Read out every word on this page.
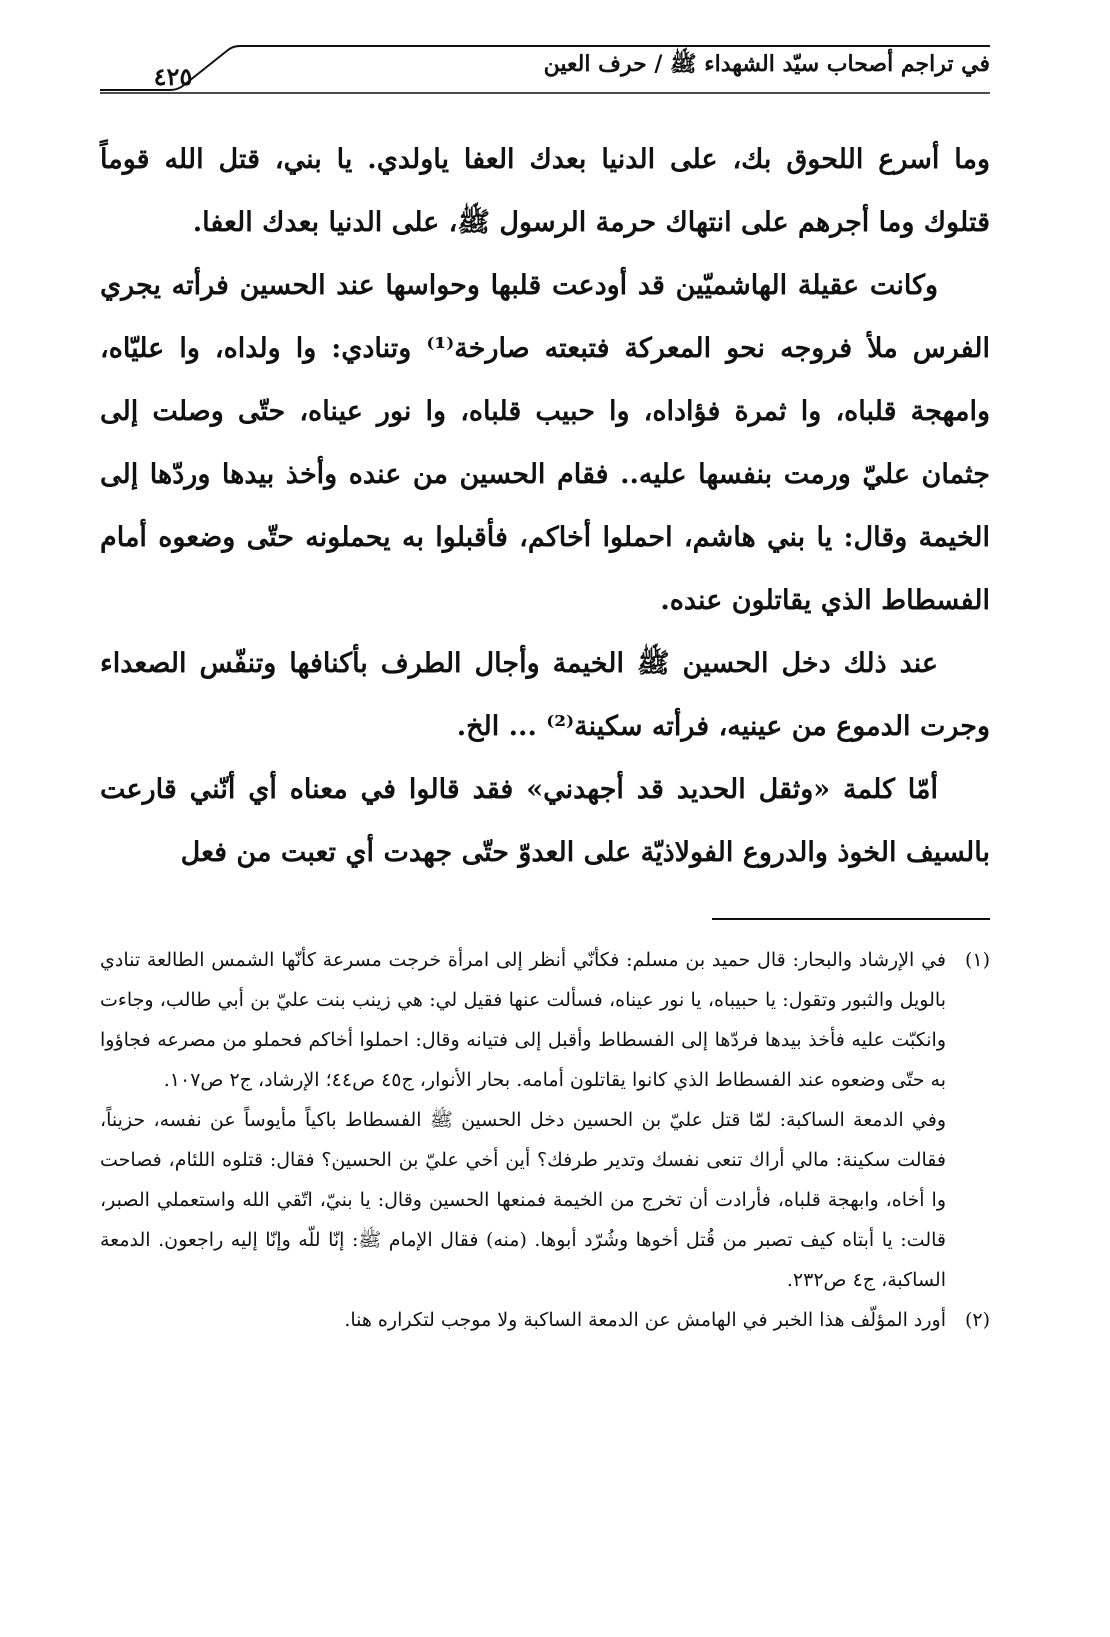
٤٢٥	في تراجم أصحاب سيّد الشهداء ﷺ / حرف العين

وما أسرع اللحوق بك، على الدنيا بعدك العفا ياولدي. يا بني، قتل الله قوماً قتلوك وما أجرهم على انتهاك حرمة الرسول ﷺ، على الدنيا بعدك العفا.

وكانت عقيلة الهاشميّين قد أودعت قلبها وحواسها عند الحسين فرأته يجري الفرس ملأ فروجه نحو المعركة فتبعته صارخة⁽¹⁾ وتنادي: وا ولداه، وا عليّاه، وامهجة قلباه، وا ثمرة فؤاداه، وا حبيب قلباه، وا نور عيناه، حتّى وصلت إلى جثمان عليّ ورمت بنفسها عليه.. فقام الحسين من عنده وأخذ بيدها وردّها إلى الخيمة وقال: يا بني هاشم، احملوا أخاكم، فأقبلوا به يحملونه حتّى وضعوه أمام الفسطاط الذي يقاتلون عنده.

عند ذلك دخل الحسين ﷺ الخيمة وأجال الطرف بأكنافها وتنفّس الصعداء وجرت الدموع من عينيه، فرأته سكينة⁽²⁾ ... الخ.

أمّا كلمة «وثقل الحديد قد أجهدني» فقد قالوا في معناه أي أنّني قارعت بالسيف الخوذ والدروع الفولاذيّة على العدوّ حتّى جهدت أي تعبت من فعل

(١)في الإرشاد والبحار: قال حميد بن مسلم: فكأنّي أنظر إلى امرأة خرجت مسرعة كأنّها الشمس الطالعة تنادي بالويل والثبور وتقول: يا حبيباه، يا نور عيناه، فسألت عنها فقيل لي: هي زينب بنت عليّ بن أبي طالب، وجاءت وانكبّت عليه فأخذ بيدها فردّها إلى الفسطاط وأقبل إلى فتيانه وقال: احملوا أخاكم فحملو من مصرعه فجاؤوا به حتّى وضعوه عند الفسطاط الذي كانوا يقاتلون أمامه. بحار الأنوار، ج٤٥ ص٤٤؛ الإرشاد، ج٢ ص١٠٧.

وفي الدمعة الساكبة: لمّا قتل عليّ بن الحسين دخل الحسين ﷺ الفسطاط باكياً مأيوساً عن نفسه، حزيناً، فقالت سكينة: مالي أراك تنعى نفسك وتدير طرفك؟ أين أخي عليّ بن الحسين؟ فقال: قتلوه اللئام، فصاحت وا أخاه، وابهجة قلباه، فأرادت أن تخرج من الخيمة فمنعها الحسين وقال: يا بنيّ، اتّقي الله واستعملي الصبر، قالت: يا أبتاه كيف تصبر من قُتل أخوها وشُرّد أبوها. (منه) فقال الإمام ﷺ: إنّا للّه وإنّا إليه راجعون. الدمعة الساكبة، ج٤ ص٢٣٢.

(٢)أورد المؤلّف هذا الخبر في الهامش عن الدمعة الساكبة ولا موجب لتكراره هنا.
